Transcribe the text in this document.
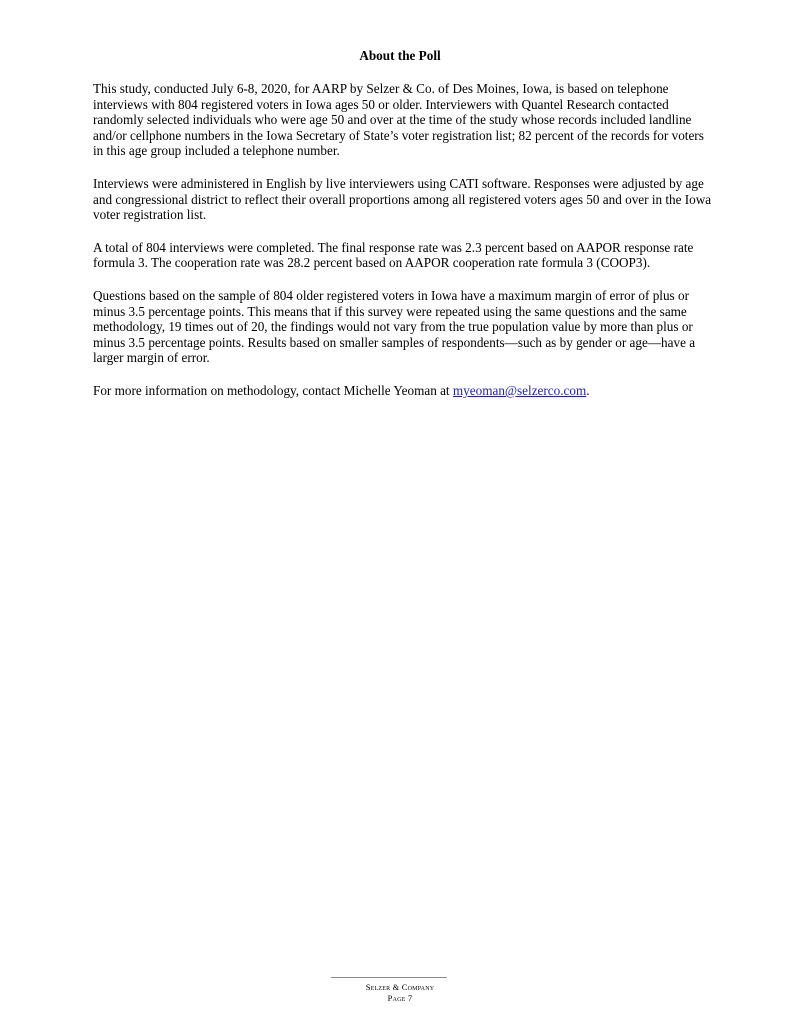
About the Poll

This study, conducted July 6-8, 2020, for AARP by Selzer & Co. of Des Moines, Iowa, is based on telephone interviews with 804 registered voters in Iowa ages 50 or older. Interviewers with Quantel Research contacted randomly selected individuals who were age 50 and over at the time of the study whose records included landline and/or cellphone numbers in the Iowa Secretary of State’s voter registration list; 82 percent of the records for voters in this age group included a telephone number.

Interviews were administered in English by live interviewers using CATI software. Responses were adjusted by age and congressional district to reflect their overall proportions among all registered voters ages 50 and over in the Iowa voter registration list.

A total of 804 interviews were completed. The final response rate was 2.3 percent based on AAPOR response rate formula 3. The cooperation rate was 28.2 percent based on AAPOR cooperation rate formula 3 (COOP3).

Questions based on the sample of 804 older registered voters in Iowa have a maximum margin of error of plus or minus 3.5 percentage points. This means that if this survey were repeated using the same questions and the same methodology, 19 times out of 20, the findings would not vary from the true population value by more than plus or minus 3.5 percentage points. Results based on smaller samples of respondents—such as by gender or age—have a larger margin of error.

For more information on methodology, contact Michelle Yeoman at myeoman@selzerco.com.

Selzer & Company
Page 7
